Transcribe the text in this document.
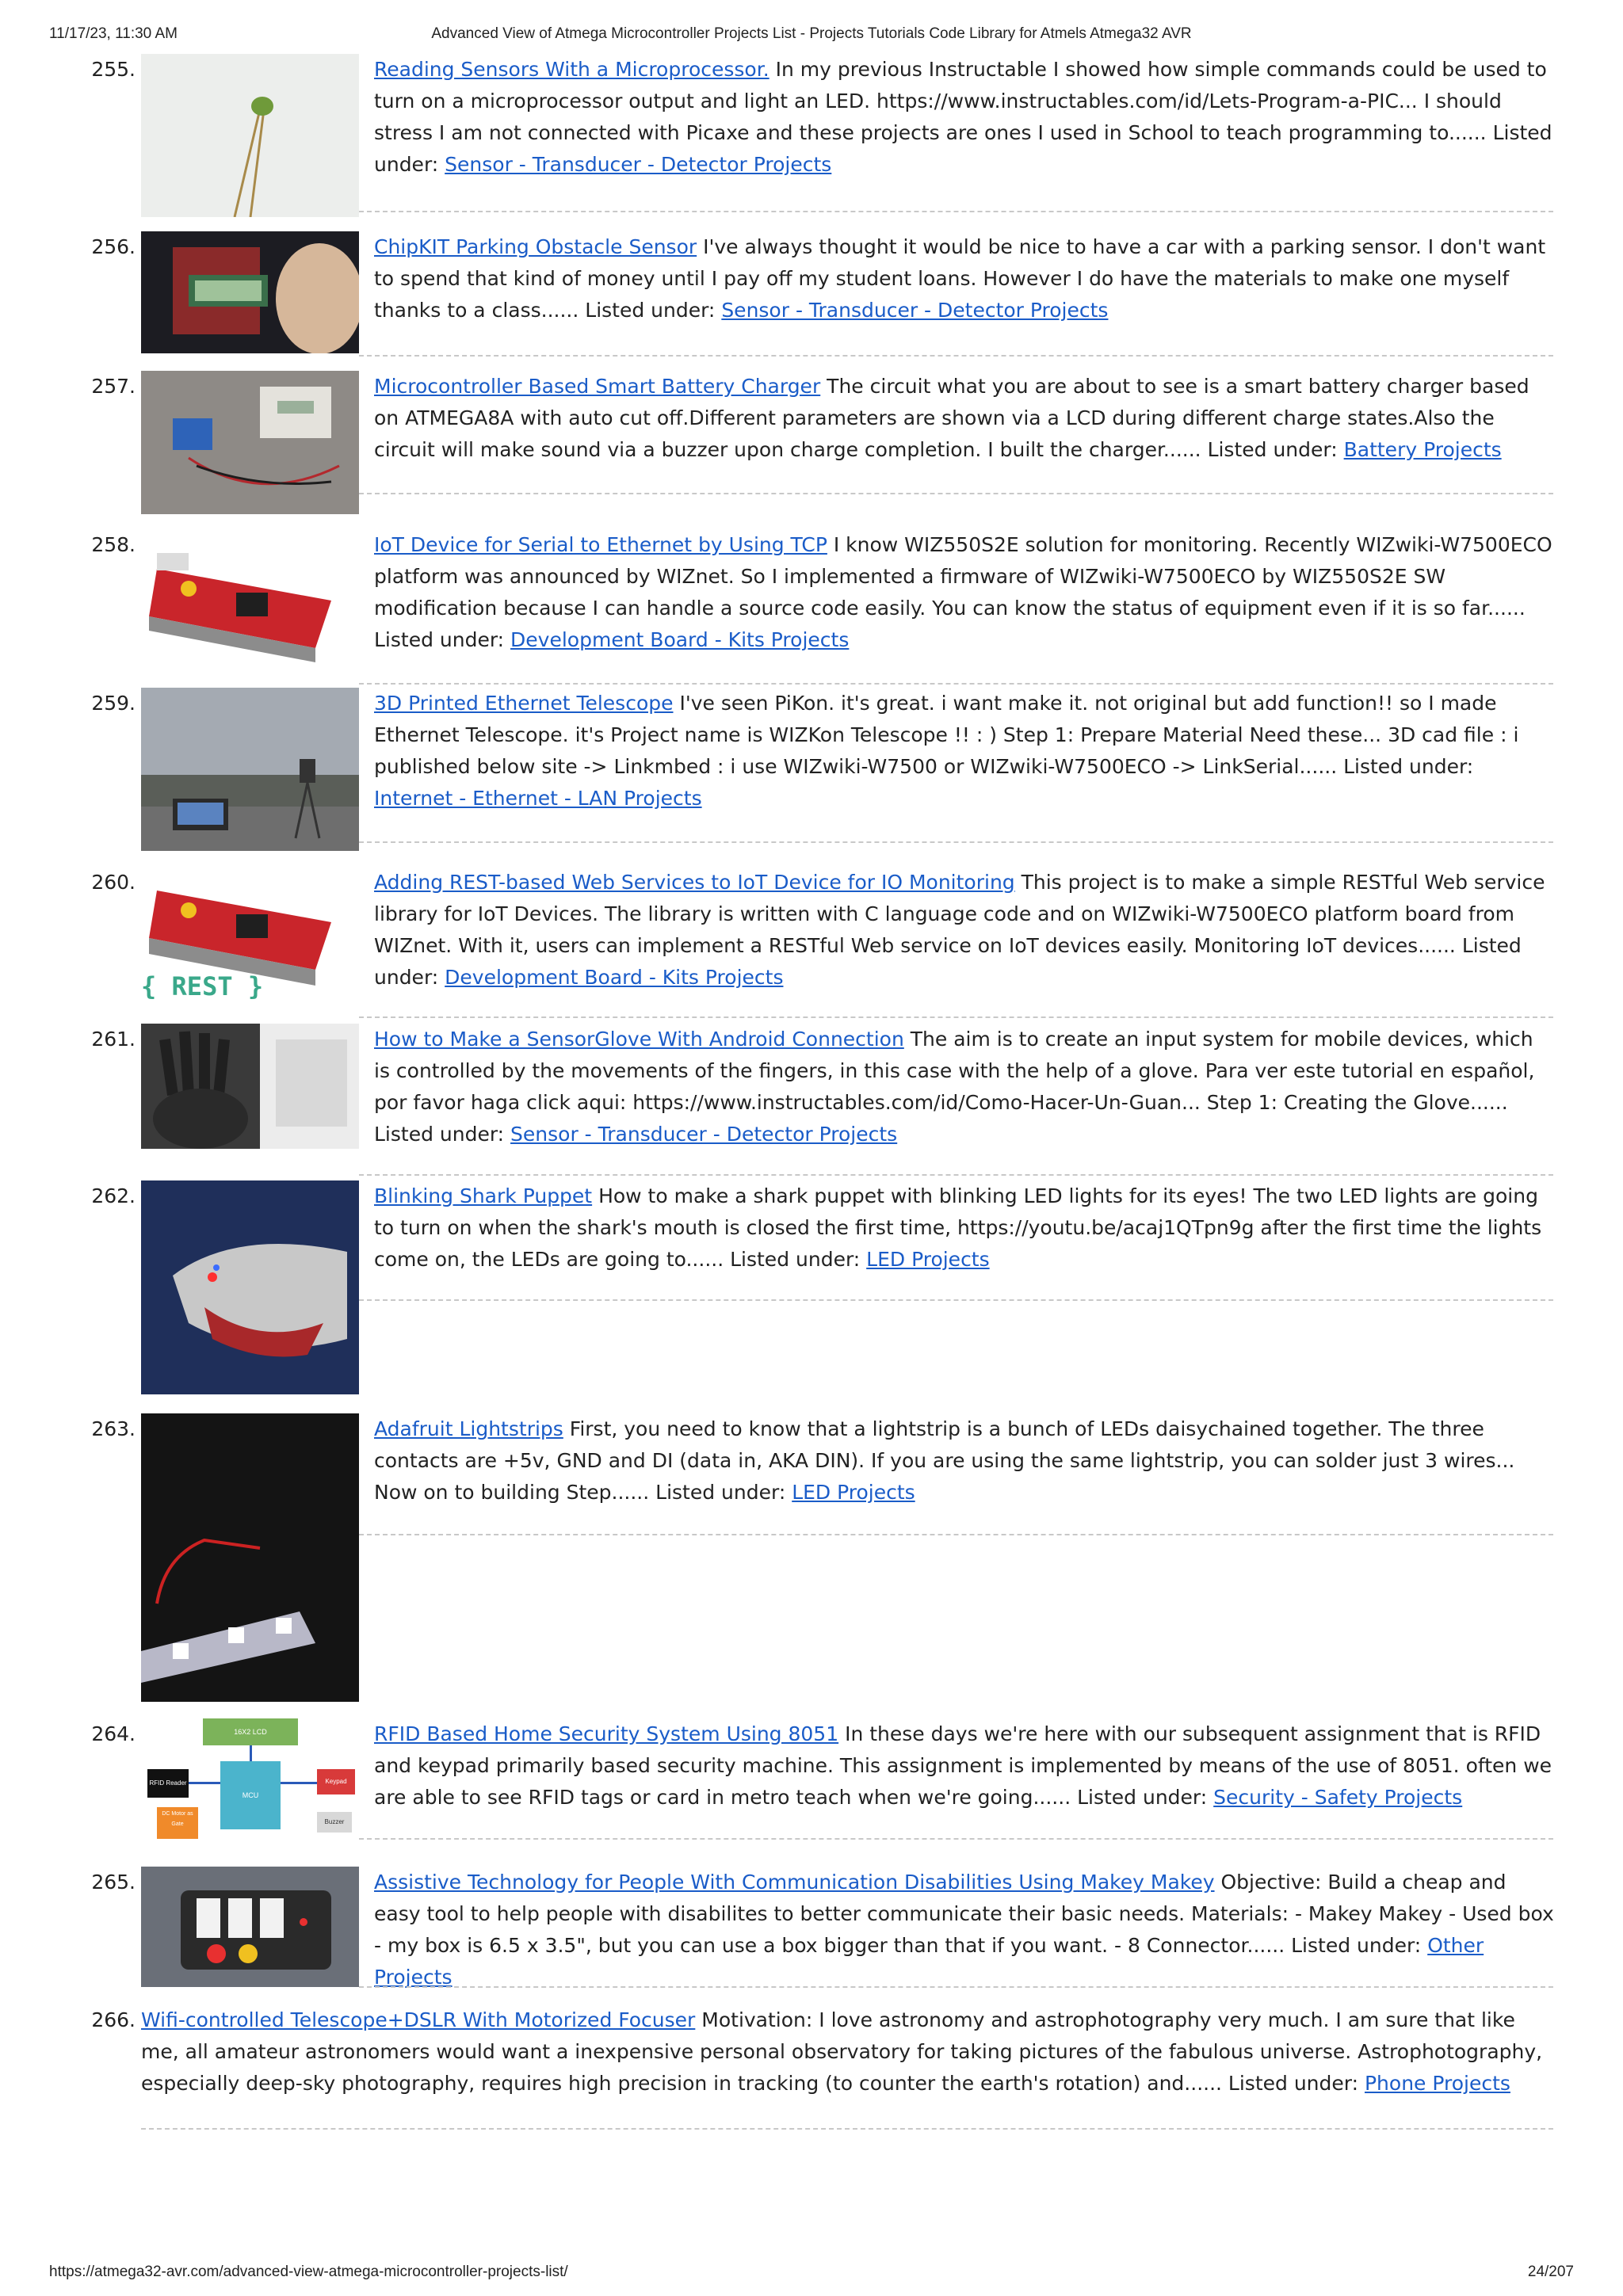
11/17/23, 11:30 AM	Advanced View of Atmega Microcontroller Projects List - Projects Tutorials Code Library for Atmels Atmega32 AVR
255.	Reading Sensors With a Microprocessor. In my previous Instructable I showed how simple commands could be used to turn on a microprocessor output and light an LED. https://www.instructables.com/id/Lets-Program-a-PIC... I should stress I am not connected with Picaxe and these projects are ones I used in School to teach programming to...... Listed under: Sensor - Transducer - Detector Projects
256.	ChipKIT Parking Obstacle Sensor I've always thought it would be nice to have a car with a parking sensor. I don't want to spend that kind of money until I pay off my student loans. However I do have the materials to make one myself thanks to a class...... Listed under: Sensor - Transducer - Detector Projects
257.	Microcontroller Based Smart Battery Charger The circuit what you are about to see is a smart battery charger based on ATMEGA8A with auto cut off.Different parameters are shown via a LCD during different charge states.Also the circuit will make sound via a buzzer upon charge completion. I built the charger...... Listed under: Battery Projects
258.	IoT Device for Serial to Ethernet by Using TCP I know WIZ550S2E solution for monitoring. Recently WIZwiki-W7500ECO platform was announced by WIZnet. So I implemented a firmware of WIZwiki-W7500ECO by WIZ550S2E SW modification because I can handle a source code easily. You can know the status of equipment even if it is so far...... Listed under: Development Board - Kits Projects
259.	3D Printed Ethernet Telescope I've seen PiKon. it's great. i want make it. not original but add function!! so I made Ethernet Telescope. it's Project name is WIZKon Telescope !! : ) Step 1: Prepare Material Need these... 3D cad file : i published below site -> Linkmbed : i use WIZwiki-W7500 or WIZwiki-W7500ECO -> LinkSerial...... Listed under: Internet - Ethernet - LAN Projects
260.
{ REST }
Adding REST-based Web Services to IoT Device for IO Monitoring This project is to make a simple RESTful Web service library for IoT Devices. The library is written with C language code and on WIZwiki-W7500ECO platform board from WIZnet. With it, users can implement a RESTful Web service on IoT devices easily. Monitoring IoT devices...... Listed under: Development Board - Kits Projects
261.	How to Make a SensorGlove With Android Connection The aim is to create an input system for mobile devices, which is controlled by the movements of the fingers, in this case with the help of a glove. Para ver este tutorial en español, por favor haga click aqui: https://www.instructables.com/id/Como-Hacer-Un-Guan... Step 1: Creating the Glove...... Listed under: Sensor - Transducer - Detector Projects
262.	Blinking Shark Puppet How to make a shark puppet with blinking LED lights for its eyes! The two LED lights are going to turn on when the shark's mouth is closed the first time, https://youtu.be/acaj1QTpn9g after the first time the lights come on, the LEDs are going to...... Listed under: LED Projects
263.	Adafruit Lightstrips First, you need to know that a lightstrip is a bunch of LEDs daisychained together. The three contacts are +5v, GND and DI (data in, AKA DIN). If you are using the same lightstrip, you can solder just 3 wires... Now on to building Step...... Listed under: LED Projects
264.	16X2 LCD
RFID Reader
MCU
Keypad
DC Motor as Gate	Buzzer
RFID Based Home Security System Using 8051 In these days we're here with our subsequent assignment that is RFID and keypad primarily based security machine. This assignment is implemented by means of the use of 8051. often we are able to see RFID tags or card in metro teach when we're going...... Listed under: Security - Safety Projects
265.	Assistive Technology for People With Communication Disabilities Using Makey Makey Objective: Build a cheap and easy tool to help people with disabilites to better communicate their basic needs. Materials: - Makey Makey - Used box - my box is 6.5 x 3.5", but you can use a box bigger than that if you want. - 8 Connector...... Listed under: Other Projects
266. Wifi-controlled Telescope+DSLR With Motorized Focuser Motivation: I love astronomy and astrophotography very much. I am sure that like me, all amateur astronomers would want a inexpensive personal observatory for taking pictures of the fabulous universe. Astrophotography, especially deep-sky photography, requires high precision in tracking (to counter the earth's rotation) and...... Listed under: Phone Projects
https://atmega32-avr.com/advanced-view-atmega-microcontroller-projects-list/	24/207
